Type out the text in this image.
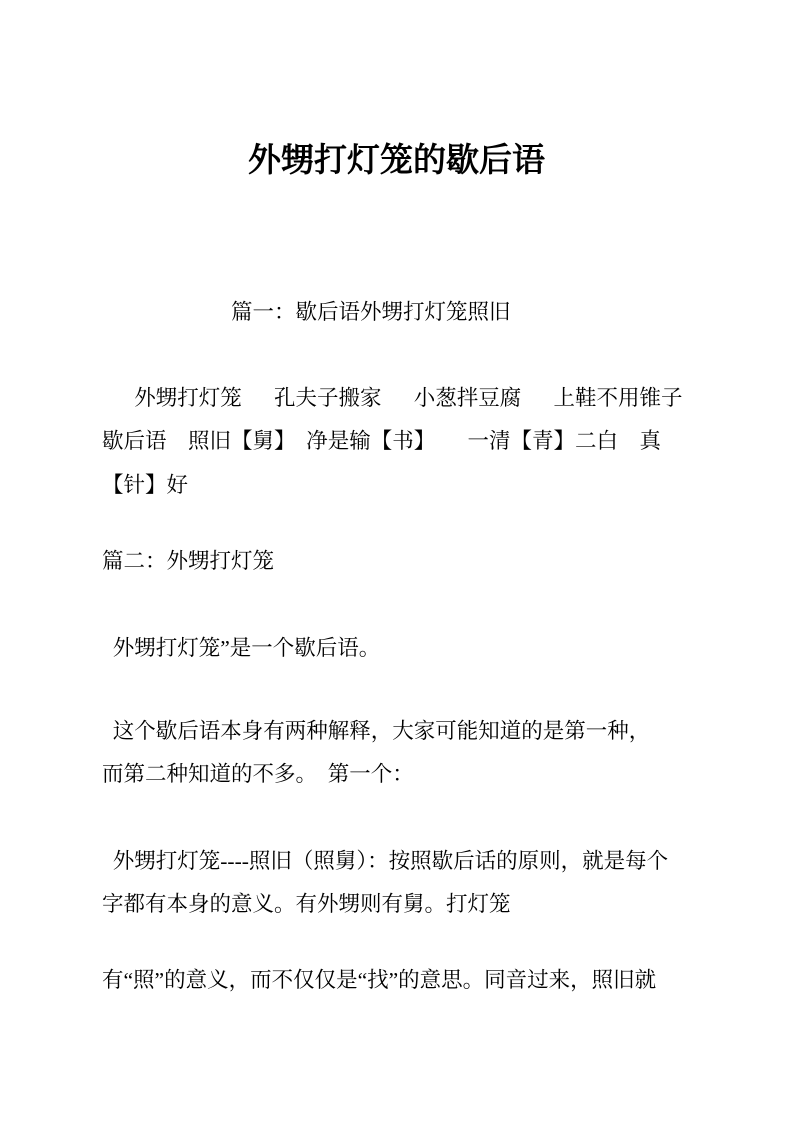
外甥打灯笼的歇后语
　　　　　　篇一：歇后语外甥打灯笼照旧
　 外甥打灯笼　 孔夫子搬家　 小葱拌豆腐　 上鞋不用锥子
歇后语　照旧【舅】　净是输【书】　　一清【青】二白　真
【针】好
篇二：外甥打灯笼
 外甥打灯笼”是一个歇后语。
 这个歇后语本身有两种解释，大家可能知道的是第一种，
而第二种知道的不多。 第一个：
 外甥打灯笼----照旧（照舅）：按照歇后话的原则，就是每个
字都有本身的意义。有外甥则有舅。打灯笼
有“照”的意义，而不仅仅是“找”的意思。同音过来，照旧就
